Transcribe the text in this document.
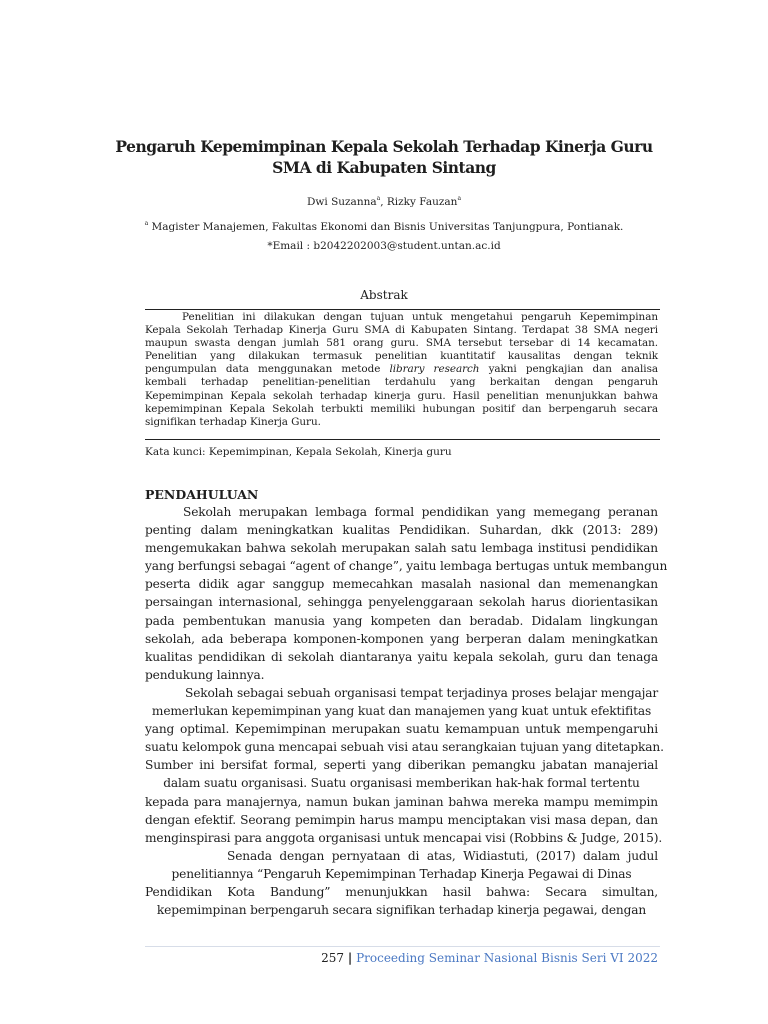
Pengaruh Kepemimpinan Kepala Sekolah Terhadap Kinerja Guru
SMA di Kabupaten Sintang
Dwi Suzanna$^a$, Rizky Fauzan$^a$
$^a$ Magister Manajemen, Fakultas Ekonomi dan Bisnis Universitas Tanjungpura, Pontianak.
*Email : b2042202003@student.untan.ac.id
Abstrak
Penelitian ini dilakukan dengan tujuan untuk mengetahui pengaruh Kepemimpinan
Kepala Sekolah Terhadap Kinerja Guru SMA di Kabupaten Sintang. Terdapat 38 SMA negeri
maupun swasta dengan jumlah 581 orang guru. SMA tersebut tersebar di 14 kecamatan.
Penelitian yang dilakukan termasuk penelitian kuantitatif kausalitas dengan teknik
pengumpulan data menggunakan metode library research yakni pengkajian dan analisa
kembali terhadap penelitian-penelitian terdahulu yang berkaitan dengan pengaruh
Kepemimpinan Kepala sekolah terhadap kinerja guru. Hasil penelitian menunjukkan bahwa
kepemimpinan Kepala Sekolah terbukti memiliki hubungan positif dan berpengaruh secara
signifikan terhadap Kinerja Guru.
Kata kunci: Kepemimpinan, Kepala Sekolah, Kinerja guru
PENDAHULUAN
Sekolah merupakan lembaga formal pendidikan yang memegang peranan
penting dalam meningkatkan kualitas Pendidikan. Suhardan, dkk (2013: 289)
mengemukakan bahwa sekolah merupakan salah satu lembaga institusi pendidikan
yang berfungsi sebagai “agent of change”, yaitu lembaga bertugas untuk membangun
peserta didik agar sanggup memecahkan masalah nasional dan memenangkan
persaingan internasional, sehingga penyelenggaraan sekolah harus diorientasikan
pada pembentukan manusia yang kompeten dan beradab. Didalam lingkungan
sekolah, ada beberapa komponen-komponen yang berperan dalam meningkatkan
kualitas pendidikan di sekolah diantaranya yaitu kepala sekolah, guru dan tenaga
pendukung lainnya.
Sekolah sebagai sebuah organisasi tempat terjadinya proses belajar mengajar
memerlukan kepemimpinan yang kuat dan manajemen yang kuat untuk efektifitas
yang optimal. Kepemimpinan merupakan suatu kemampuan untuk mempengaruhi
suatu kelompok guna mencapai sebuah visi atau serangkaian tujuan yang ditetapkan.
Sumber ini bersifat formal, seperti yang diberikan pemangku jabatan manajerial
dalam suatu organisasi. Suatu organisasi memberikan hak-hak formal tertentu
kepada para manajernya, namun bukan jaminan bahwa mereka mampu memimpin
dengan efektif. Seorang pemimpin harus mampu menciptakan visi masa depan, dan
menginspirasi para anggota organisasi untuk mencapai visi (Robbins & Judge, 2015).
Senada dengan pernyataan di atas, Widiastuti, (2017) dalam judul
penelitiannya “Pengaruh Kepemimpinan Terhadap Kinerja Pegawai di Dinas
Pendidikan Kota Bandung” menunjukkan hasil bahwa: Secara simultan,
kepemimpinan berpengaruh secara signifikan terhadap kinerja pegawai, dengan
257 | Proceeding Seminar Nasional Bisnis Seri VI 2022
